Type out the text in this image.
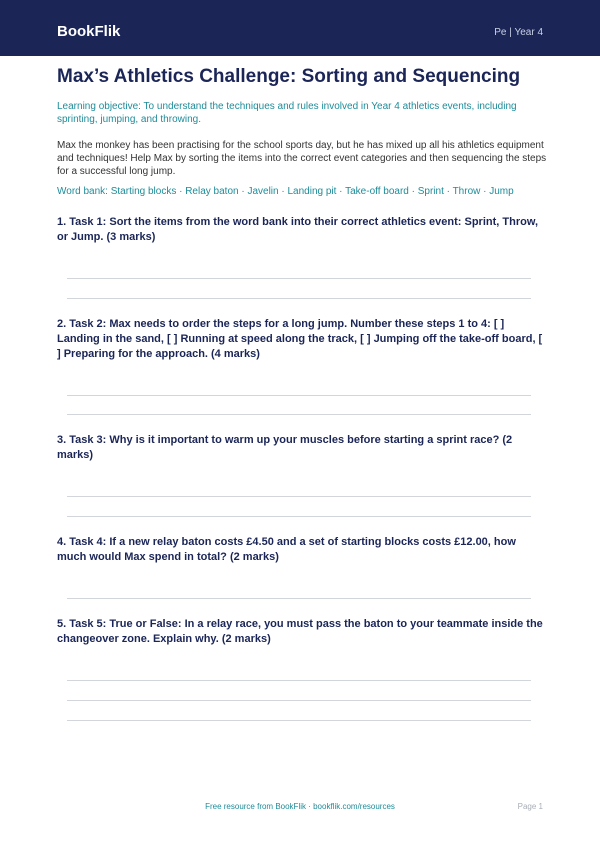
BookFlik	Pe | Year 4
Max’s Athletics Challenge: Sorting and Sequencing

Learning objective: To understand the techniques and rules involved in Year 4 athletics events, including sprinting, jumping, and throwing.

Max the monkey has been practising for the school sports day, but he has mixed up all his athletics equipment and techniques! Help Max by sorting the items into the correct event categories and then sequencing the steps for a successful long jump.

Word bank: Starting blocks · Relay baton · Javelin · Landing pit · Take-off board · Sprint · Throw · Jump

1. Task 1: Sort the items from the word bank into their correct athletics event: Sprint, Throw, or Jump. (3 marks)

2. Task 2: Max needs to order the steps for a long jump. Number these steps 1 to 4: [ ] Landing in the sand, [ ] Running at speed along the track, [ ] Jumping off the take-off board, [ ] Preparing for the approach. (4 marks)

3. Task 3: Why is it important to warm up your muscles before starting a sprint race? (2 marks)

4. Task 4: If a new relay baton costs £4.50 and a set of starting blocks costs £12.00, how much would Max spend in total? (2 marks)

5. Task 5: True or False: In a relay race, you must pass the baton to your teammate inside the changeover zone. Explain why. (2 marks)

Free resource from BookFlik · bookflik.com/resources	Page 1
